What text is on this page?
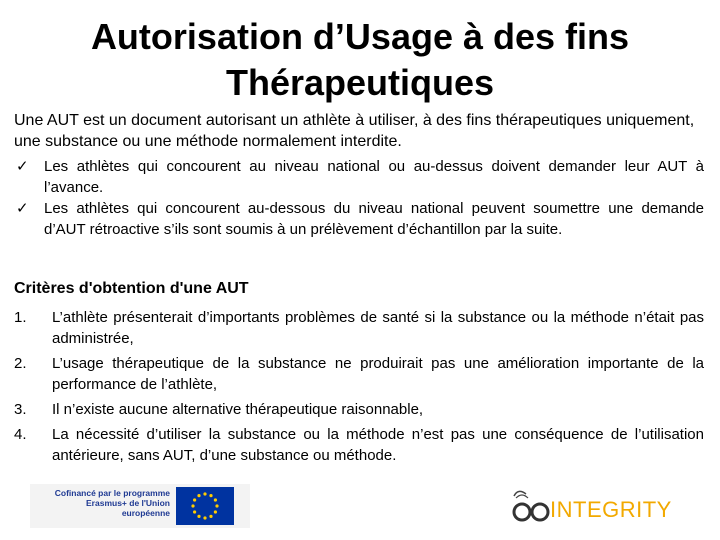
Autorisation d’Usage à des fins Thérapeutiques

Une AUT est un document autorisant un athlète à utiliser, à des fins thérapeutiques uniquement, une substance ou une méthode normalement interdite.

✓ Les athlètes qui concourent au niveau national ou au-dessus doivent demander leur AUT à l’avance.
✓ Les athlètes qui concourent au-dessous du niveau national peuvent soumettre une demande d’AUT rétroactive s’ils sont soumis à un prélèvement d’échantillon par la suite.
Critères d'obtention d'une AUT
1. L’athlète présenterait d’importants problèmes de santé si la substance ou la méthode n’était pas administrée,
2. L’usage thérapeutique de la substance ne produirait pas une amélioration importante de la performance de l’athlète,
3. Il n’existe aucune alternative thérapeutique raisonnable,
4. La nécessité d’utiliser la substance ou la méthode n’est pas une conséquence de l’utilisation antérieure, sans AUT, d’une substance ou méthode.
Cofinancé par le programme Erasmus+ de l'Union européenne	INTEGRITY
